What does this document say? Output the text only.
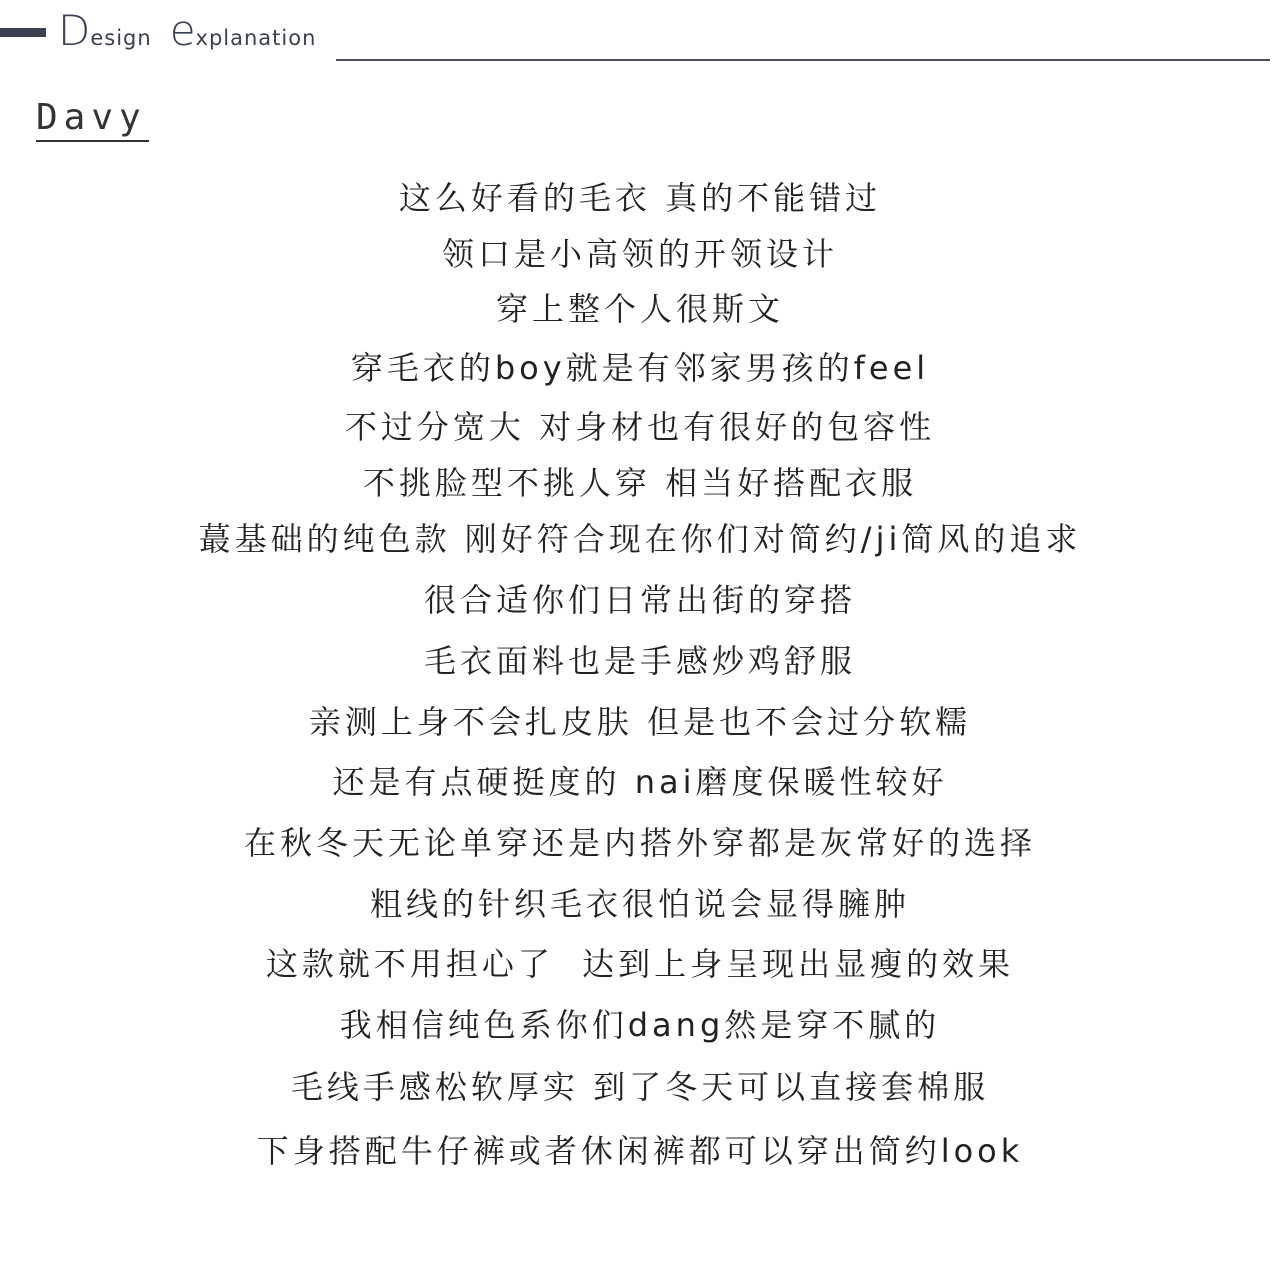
Design explanation
Davy
这么好看的毛衣 真的不能错过
领口是小高领的开领设计
穿上整个人很斯文
穿毛衣的boy就是有邻家男孩的feel
不过分宽大 对身材也有很好的包容性
不挑脸型不挑人穿 相当好搭配衣服
蕞基础的纯色款 刚好符合现在你们对简约/ji简风的追求
很合适你们日常出街的穿搭
毛衣面料也是手感炒鸡舒服
亲测上身不会扎皮肤 但是也不会过分软糯
还是有点硬挺度的 nai磨度保暖性较好
在秋冬天无论单穿还是内搭外穿都是灰常好的选择
粗线的针织毛衣很怕说会显得臃肿
这款就不用担心了  达到上身呈现出显瘦的效果
我相信纯色系你们dang然是穿不腻的
毛线手感松软厚实 到了冬天可以直接套棉服
下身搭配牛仔裤或者休闲裤都可以穿出简约look
